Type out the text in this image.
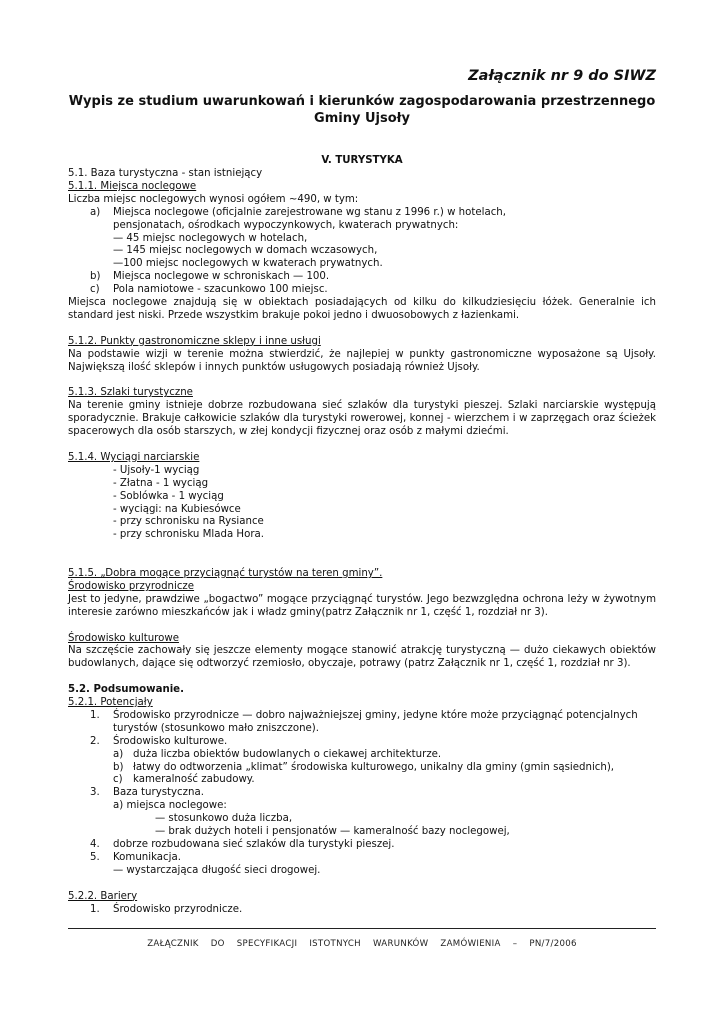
Załącznik nr 9 do SIWZ
Wypis ze studium uwarunkowań i kierunków zagospodarowania przestrzennego Gminy Ujsoły
V. TURYSTYKA

5.1. Baza turystyczna - stan istniejący

5.1.1. Miejsca noclegowe

Liczba miejsc noclegowych wynosi ogółem ~490, w tym:

a)	Miejsca noclegowe (oficjalnie zarejestrowane wg stanu z 1996 r.) w hotelach,

pensjonatach, ośrodkach wypoczynkowych, kwaterach prywatnych:

— 45 miejsc noclegowych w hotelach,

— 145 miejsc noclegowych w domach wczasowych,

—100 miejsc noclegowych w kwaterach prywatnych.

b)	Miejsca noclegowe w schroniskach — 100.
c)	Pola namiotowe - szacunkowo 100 miejsc.

Miejsca noclegowe znajdują się w obiektach posiadających od kilku do kilkudziesięciu łóżek. Generalnie ich standard jest niski. Przede wszystkim brakuje pokoi jedno i dwuosobowych z łazienkami.

5.1.2. Punkty gastronomiczne sklepy i inne usługi

Na podstawie wizji w terenie można stwierdzić, że najlepiej w punkty gastronomiczne wyposażone są Ujsoły. Największą ilość sklepów i innych punktów usługowych posiadają również Ujsoły.

5.1.3. Szlaki turystyczne

Na terenie gminy istnieje dobrze rozbudowana sieć szlaków dla turystyki pieszej. Szlaki narciarskie występują sporadycznie. Brakuje całkowicie szlaków dla turystyki rowerowej, konnej - wierzchem i w zaprzęgach oraz ścieżek spacerowych dla osób starszych, w złej kondycji fizycznej oraz osób z małymi dziećmi.

5.1.4. Wyciągi narciarskie

- Ujsoły-1 wyciąg

- Złatna - 1 wyciąg

- Soblówka - 1 wyciąg

- wyciągi: na Kubiesówce

- przy schronisku na Rysiance

- przy schronisku Mlada Hora.

5.1.5. „Dobra mogące przyciągnąć turystów na teren gminy”.

Środowisko przyrodnicze

Jest to jedyne, prawdziwe „bogactwo” mogące przyciągnąć turystów. Jego bezwzględna ochrona leży w żywotnym interesie zarówno mieszkańców jak i władz gminy(patrz Załącznik nr 1, część 1, rozdział nr 3).

Środowisko kulturowe

Na szczęście zachowały się jeszcze elementy mogące stanowić atrakcję turystyczną — dużo ciekawych obiektów budowlanych, dające się odtworzyć rzemiosło, obyczaje, potrawy (patrz Załącznik nr 1, część 1, rozdział nr 3).

5.2. Podsumowanie.

5.2.1. Potencjały

1.	Środowisko przyrodnicze — dobro najważniejszej gminy, jedyne które może przyciągnąć potencjalnych

turystów (stosunkowo mało zniszczone).

2.	Środowisko kulturowe.
a) duża liczba obiektów budowlanych o ciekawej architekturze.
b) łatwy do odtworzenia „klimat” środowiska kulturowego, unikalny dla gminy (gmin sąsiednich),
c)	kameralność zabudowy.
3.	Baza turystyczna.

a) miejsca noclegowe:

— stosunkowo duża liczba,

— brak dużych hoteli i pensjonatów — kameralność bazy noclegowej,

4.	dobrze rozbudowana sieć szlaków dla turystyki pieszej.
5.	Komunikacja.

— wystarczająca długość sieci drogowej.

5.2.2. Bariery

1.	Środowisko przyrodnicze.
ZAŁĄCZNIK DO SPECYFIKACJI ISTOTNYCH WARUNKÓW ZAMÓWIENIA – PN/7/2006
